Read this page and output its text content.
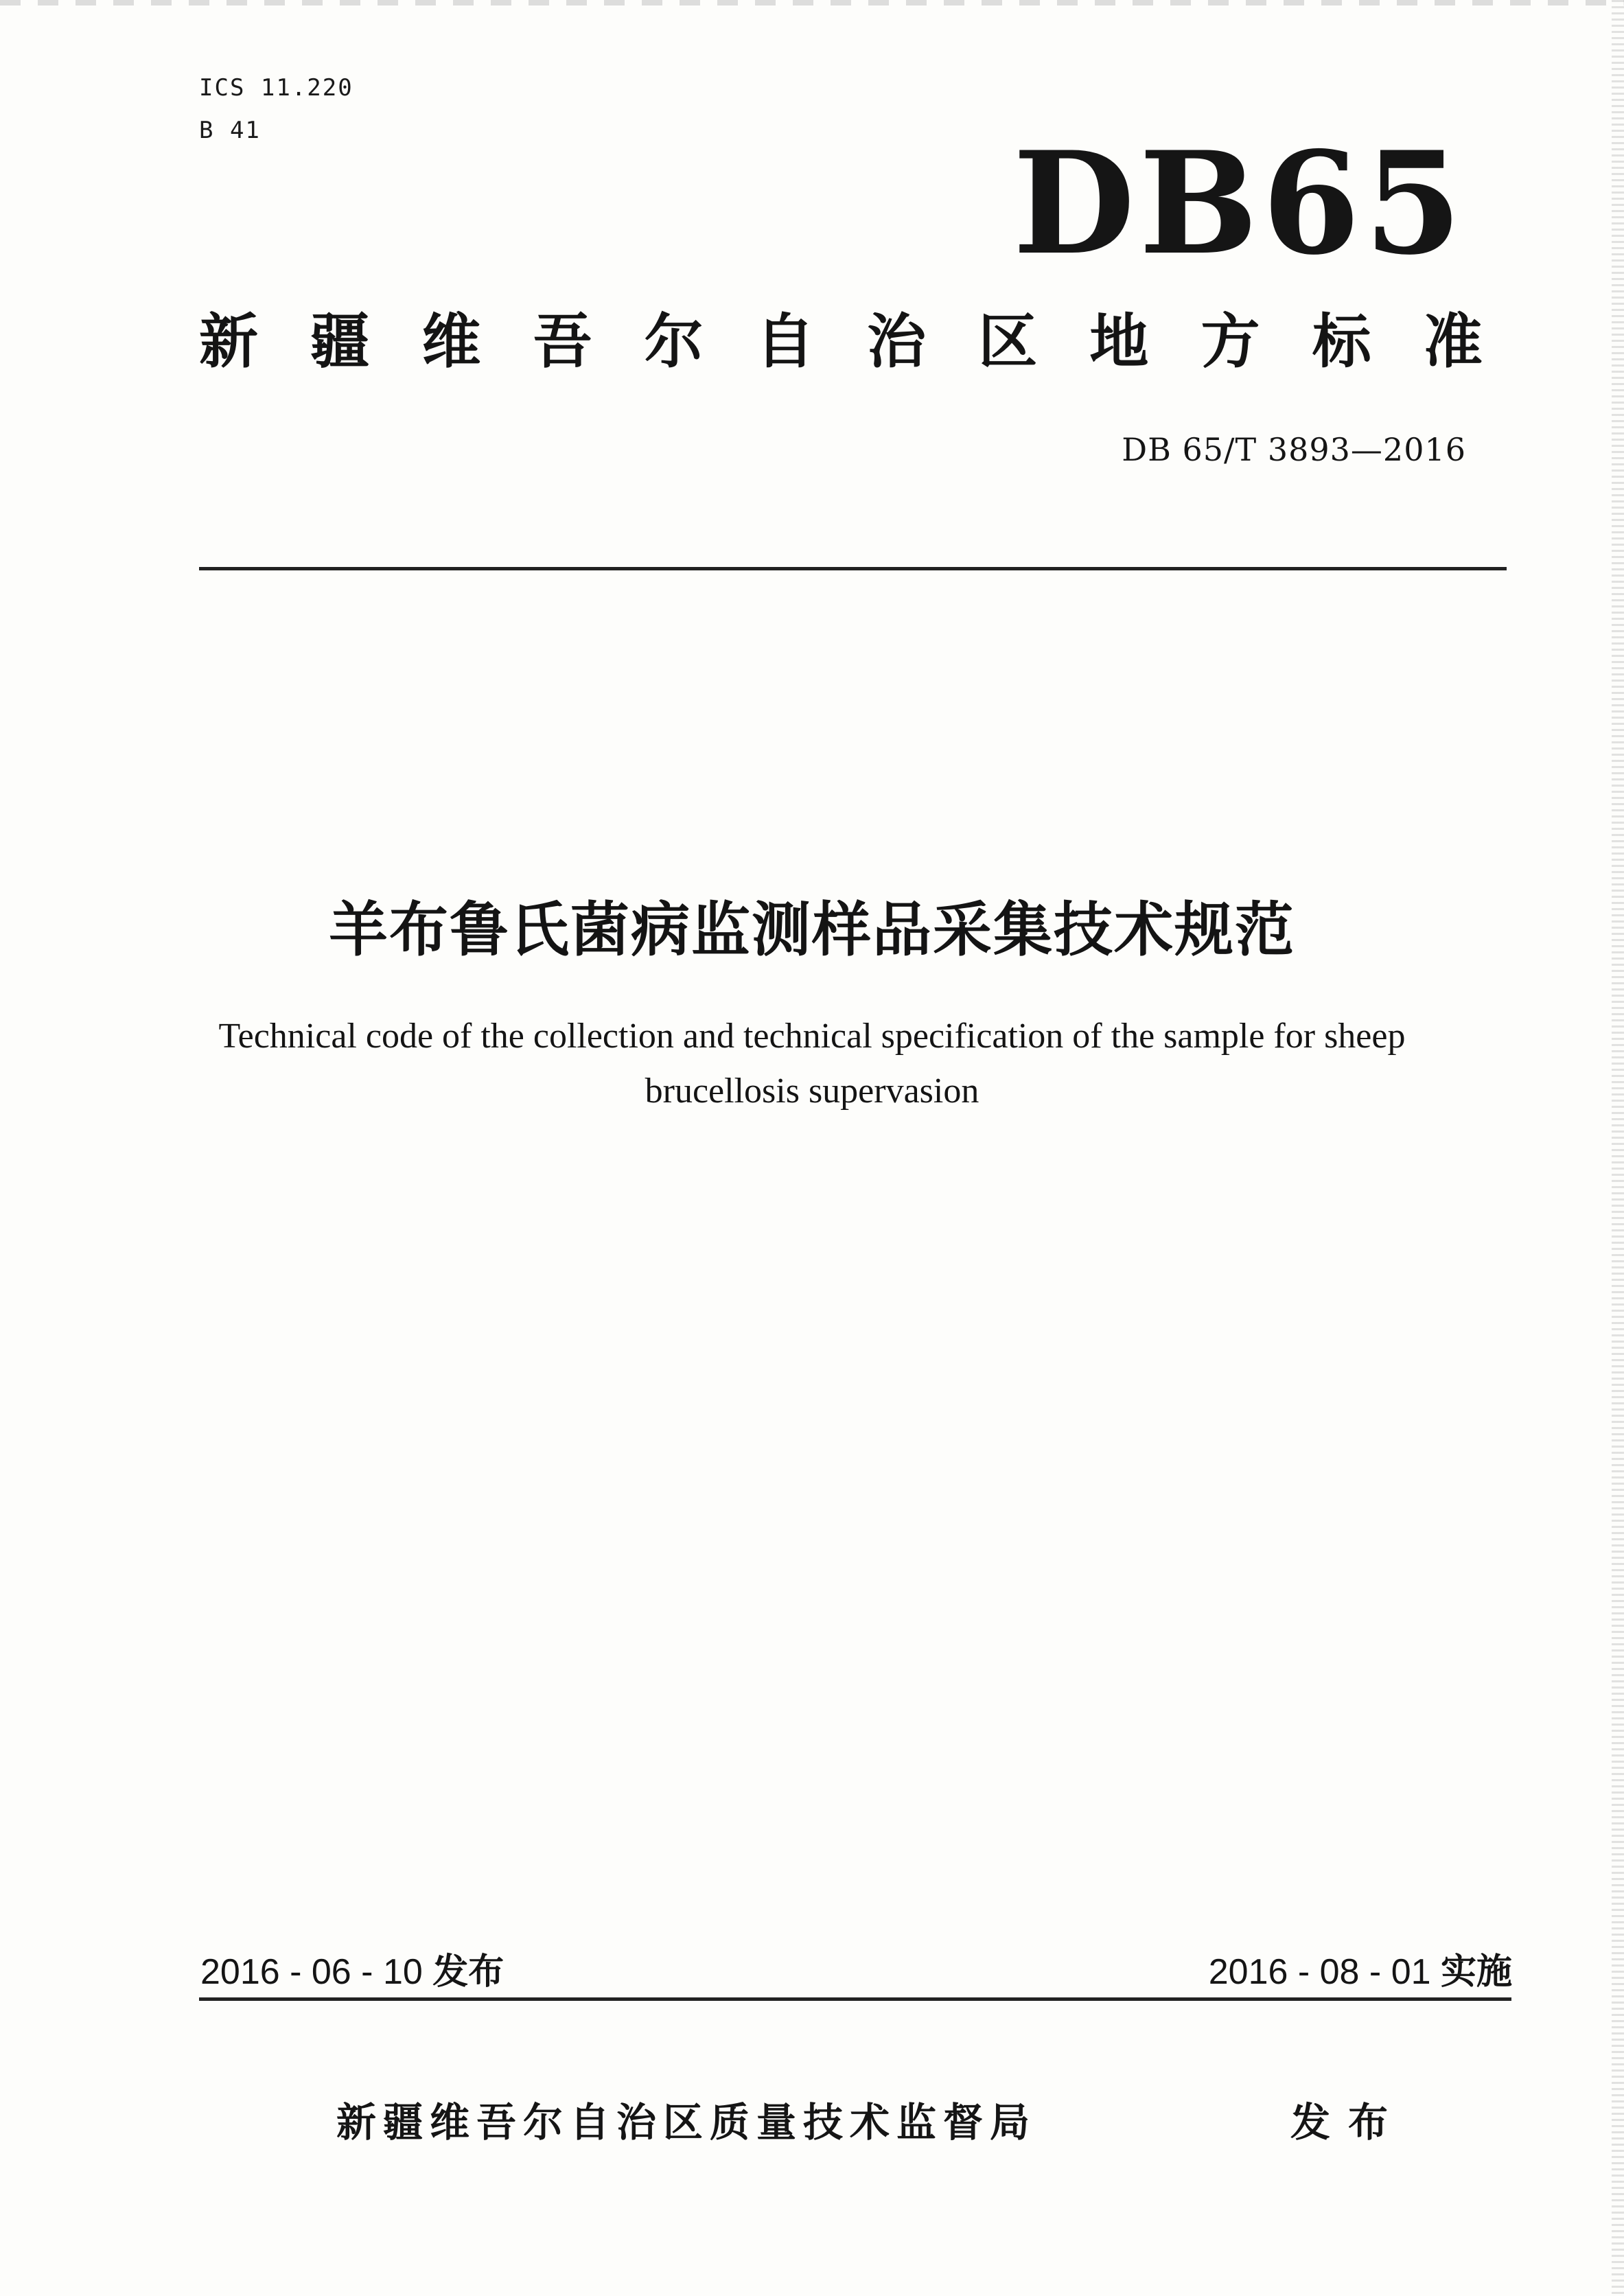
ICS 11.220
B 41	DB65
新 疆 维 吾 尔 自 治 区 地 方 标 准
DB 65/T 3893—2016
羊布鲁氏菌病监测样品采集技术规范
Technical code of the collection and technical specification of the sample for sheep
brucellosis supervasion
2016 - 06 - 10 发布	2016 - 08 - 01 实施
新疆维吾尔自治区质量技术监督局	发布
